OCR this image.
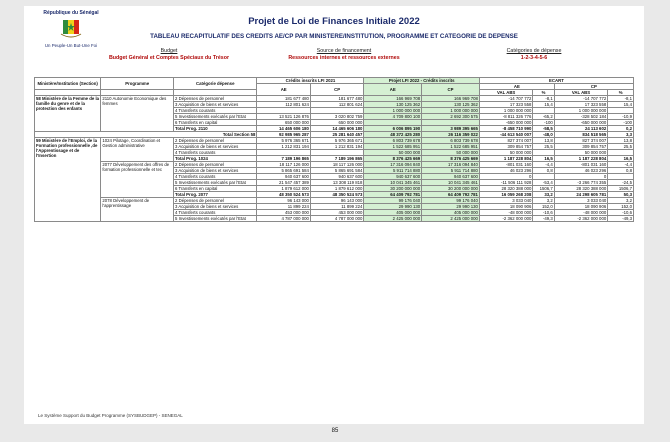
République du Sénégal
Un Peuple-Un But-Une Foi
Projet de Loi de Finances Initiale 2022
TABLEAU RECAPITULATIF DES CREDITS AE/CP PAR MINISTERE/INSTITUTION, PROGRAMME ET CATEGORIE DE DEPENSE
Budget
Budget Général et Comptes Spéciaux du Trésor
Source de financement
Ressources internes et ressources externes
Catégories de dépense
1-2-3-4-5-6
Ministère/Institution (Section)	Programme	Catégorie dépense	Crédits inscrits LFI 2021		Projet LFI 2022 - Crédits inscrits		ECART			
			AE	CP	AE	CP	AE		CP	
							VAL ABS	%	VAL ABS	%
58 Ministère de la Femme de la famille du genre et de la protection des enfants	2110 Autonomie Economique des femmes	2 Dépenses de personnel	181 677 480	181 677 480	166 969 708	166 969 708	-14 707 772	-8,1	-14 707 772	-8,1
		3 Acquisition de biens et services	112 801 624	112 801 624	130 125 362	130 125 362	17 323 558	15,4	17 323 558	15,4
		4 Transferts courants			1 000 000 000	1 000 000 000	1 000 000 000		1 000 000 000	
		5 Investissements exécutés par l'Etat	13 521 126 876	3 020 802 759	4 709 800 100	2 692 300 575	-8 811 326 776	-65,2	-328 502 184	-10,9
		6 Transferts en capital	650 000 000	650 000 000			-650 000 000	-100	-650 000 000	-100
		Total Prog. 2110	14 465 606 180	14 465 606 180	6 006 895 190	3 989 395 665	-8 458 710 990	-58,5	24 113 602	0,2
Total Section 58			92 985 965 287	25 281 640 457	48 372 425 280	26 116 359 022	-44 613 540 007	-48,0	834 518 565	3,3
59 Ministère de l'Emploi, de la Formation professionnelle ,de l'Apprentissage et de l'Insertion	1024 Pilotage, Coordination et Gestion administrative	2 Dépenses de personnel	5 976 365 671	5 976 365 671	6 803 739 678	6 803 739 678	827 374 007	13,8	827 374 007	13,8
		3 Acquisition de biens et services	1 212 831 194	1 212 831 194	1 522 685 951	1 522 685 951	309 854 757	25,5	309 854 757	25,5
		4 Transferts courants			50 000 000	50 000 000	50 000 000		50 000 000	
		Total Prog. 1024	7 189 196 865	7 189 196 865	8 376 425 669	8 376 425 669	1 187 228 804	16,5	1 187 228 804	16,5
	2077 Développement des offres de formation professionnelle et tec	2 Dépenses de personnel	18 117 126 000	18 117 126 000	17 316 094 840	17 316 094 840	-801 031 160	-4,4	-801 031 160	-4,4
		3 Acquisition de biens et services	5 865 691 584	5 865 691 584	5 911 714 880	5 911 714 880	46 023 296	0,8	46 023 296	0,8
		4 Transferts courants	940 637 600	940 637 600	940 637 600	940 637 600	0		0	
		5 Investissements exécutés par l'Etat	21 547 457 389	13 308 119 818	10 041 345 461	10 041 345 461	-11 506 111 928	-53,4	-3 266 774 355	-24,5
		6 Transferts en capital	1 879 612 000	1 879 612 000	30 200 000 000	30 200 000 000	28 320 388 000	1506,7	28 320 388 000	1506,7
		Total Prog. 2077	48 350 524 573	48 350 524 573	64 409 792 781	64 409 792 781	16 059 268 208	33,2	24 298 605 781	50,3
	2078 Développement de l'apprentissage	2 Dépenses de personnel	96 143 000	96 143 000	99 176 040	99 176 040	3 033 040	3,2	3 033 040	3,2
		3 Acquisition de biens et services	11 899 224	11 899 224	29 990 130	29 990 130	18 090 906	152,0	18 090 906	152,0
		4 Transferts courants	453 000 000	453 000 000	405 000 000	405 000 000	-48 000 000	-10,6	-48 000 000	-10,6
		5 Investissements exécutés par l'Etat	4 787 000 000	4 787 000 000	2 425 000 000	2 425 000 000	-2 362 000 000	-49,3	-2 362 000 000	-49,3
Le Système Support du Budget Programme (SYSBUDGEP) - SENEGAL
85
